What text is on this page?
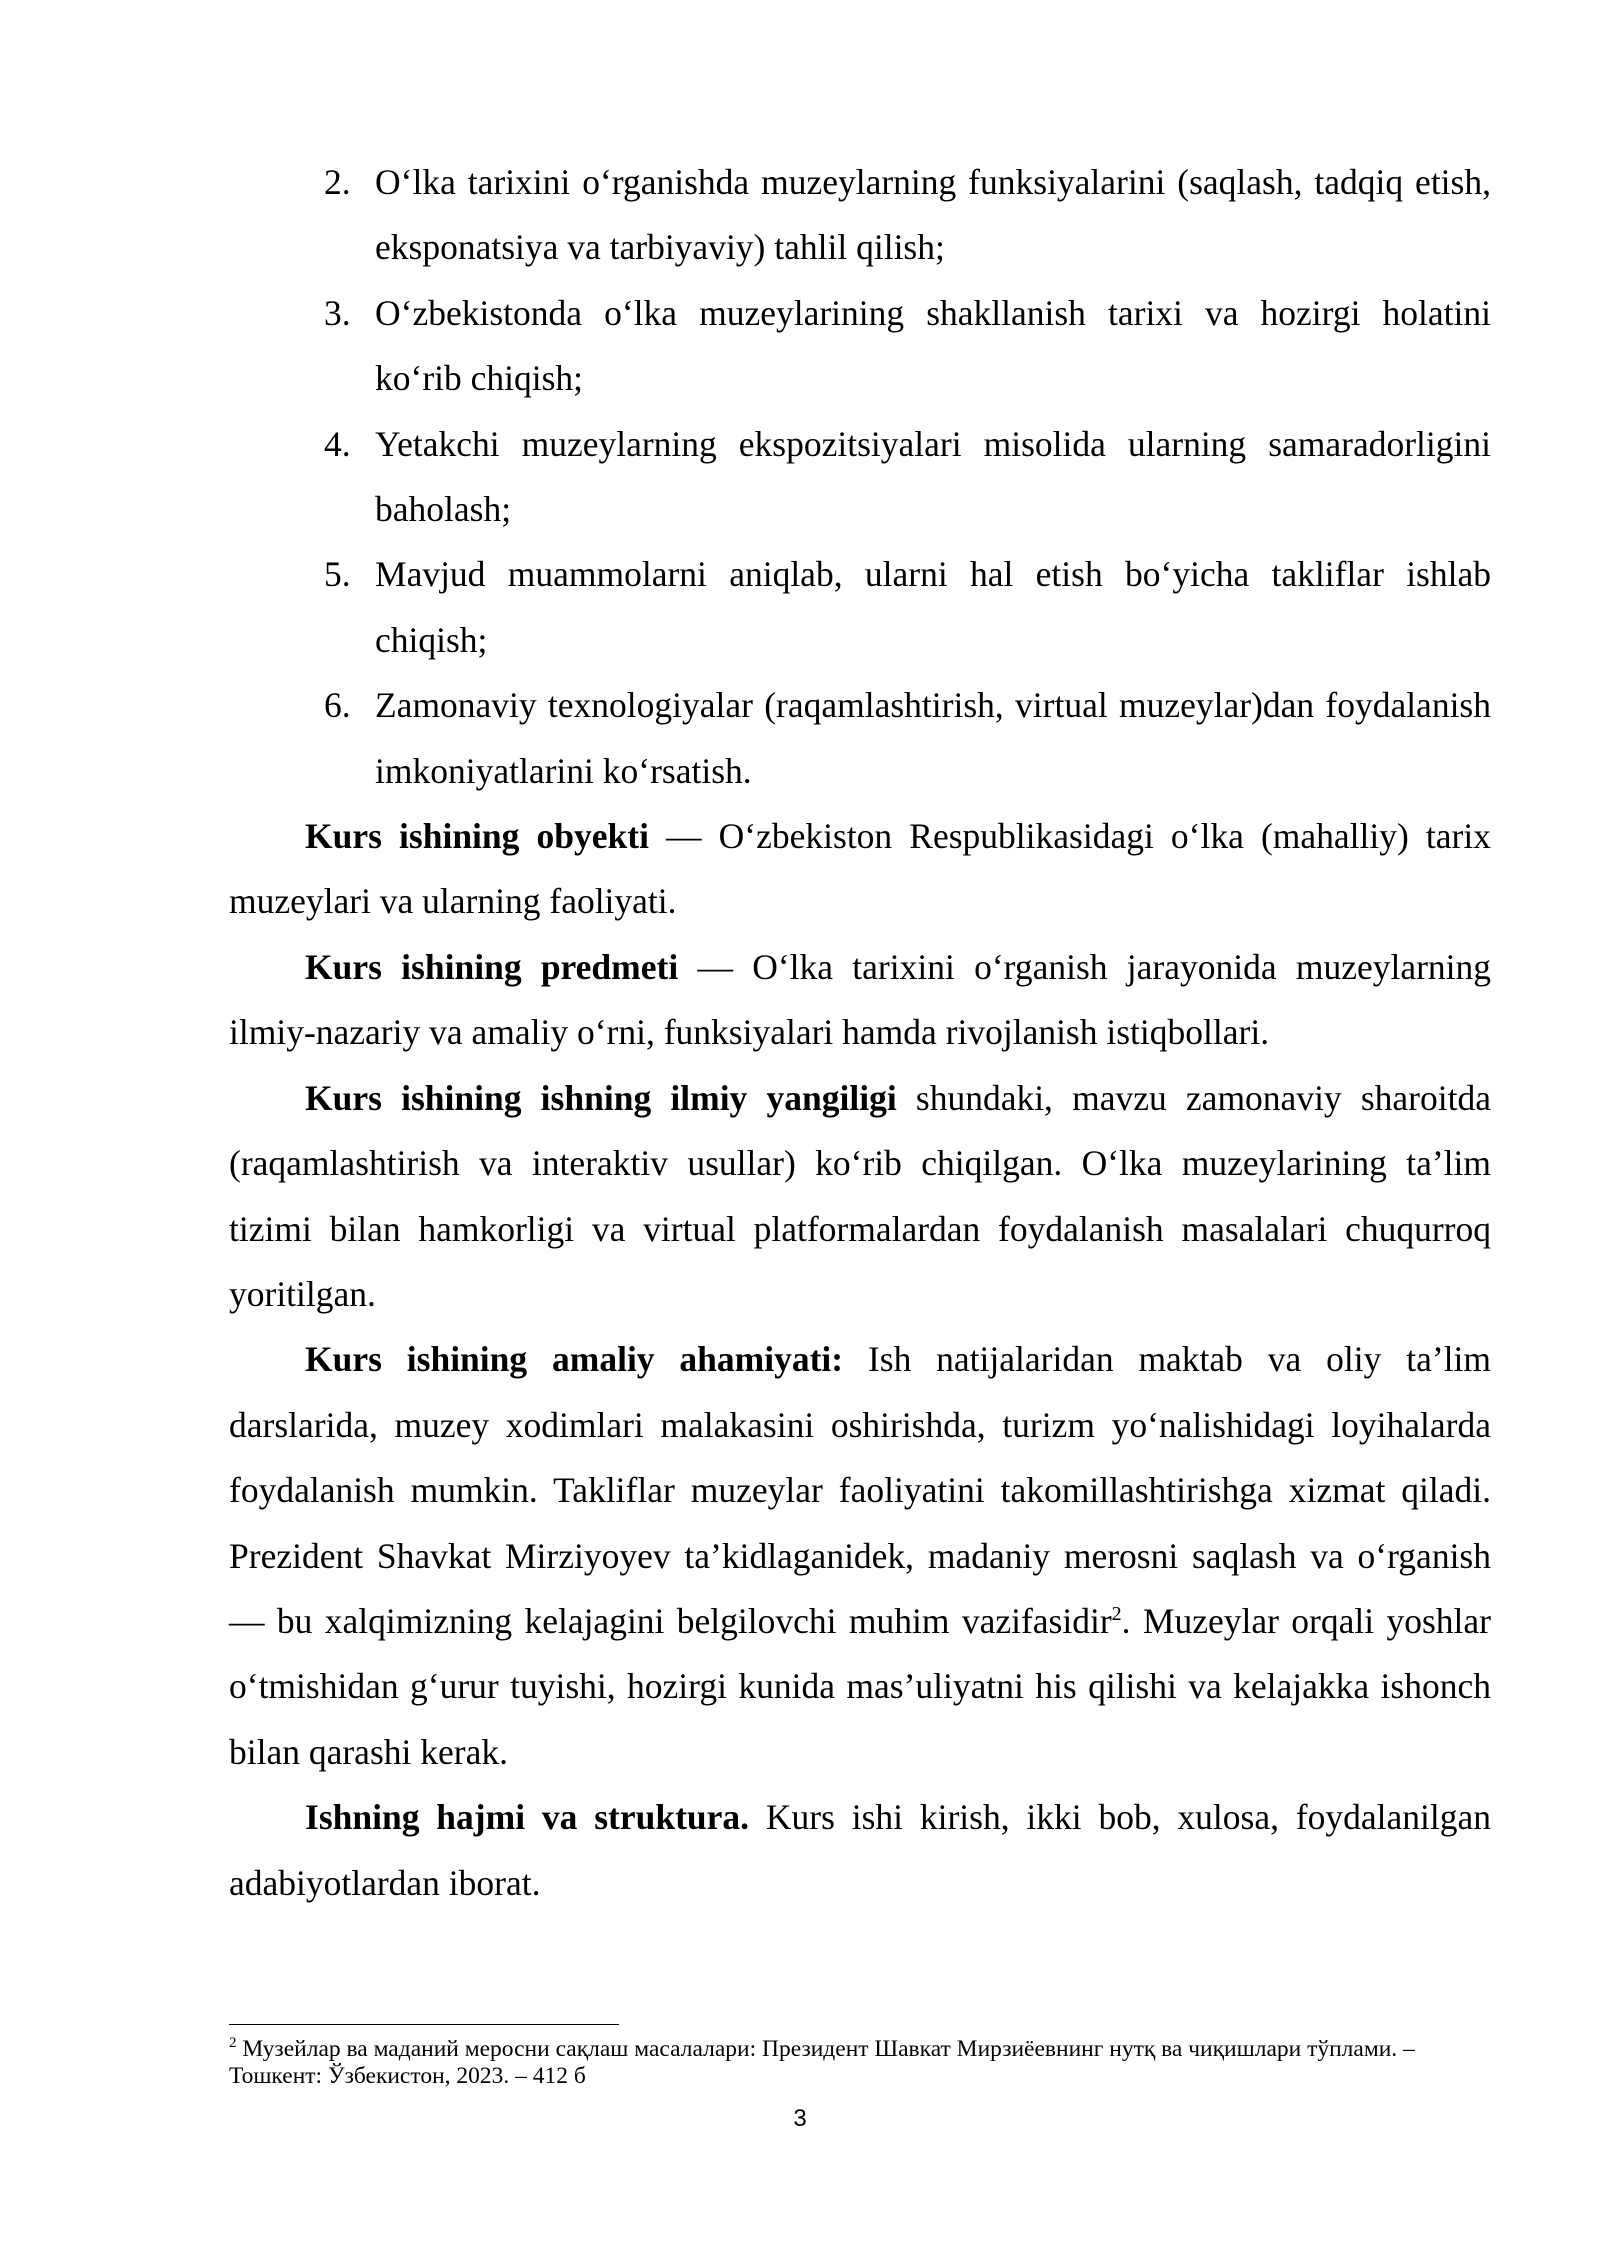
2. O‘lka tarixini o‘rganishda muzeylarning funksiyalarini (saqlash, tadqiq etish, eksponatsiya va tarbiyaviy) tahlil qilish;
3. O‘zbekistonda o‘lka muzeylarining shakllanish tarixi va hozirgi holatini ko‘rib chiqish;
4. Yetakchi muzeylarning ekspozitsiyalari misolida ularning samaradorligini baholash;
5. Mavjud muammolarni aniqlab, ularni hal etish bo‘yicha takliflar ishlab chiqish;
6. Zamonaviy texnologiyalar (raqamlashtirish, virtual muzeylar)dan foydalanish imkoniyatlarini ko‘rsatish.

Kurs ishining obyekti — O‘zbekiston Respublikasidagi o‘lka (mahalliy) tarix muzeylari va ularning faoliyati.

Kurs ishining predmeti — O‘lka tarixini o‘rganish jarayonida muzeylarning ilmiy-nazariy va amaliy o‘rni, funksiyalari hamda rivojlanish istiqbollari.

Kurs ishining ishning ilmiy yangiligi shundaki, mavzu zamonaviy sharoitda (raqamlashtirish va interaktiv usullar) ko‘rib chiqilgan. O‘lka muzeylarining ta’lim tizimi bilan hamkorligi va virtual platformalardan foydalanish masalalari chuqurroq yoritilgan.

Kurs ishining amaliy ahamiyati: Ish natijalaridan maktab va oliy ta’lim darslarida, muzey xodimlari malakasini oshirishda, turizm yo‘nalishidagi loyihalarda foydalanish mumkin. Takliflar muzeylar faoliyatini takomillashtirishga xizmat qiladi. Prezident Shavkat Mirziyoyev ta’kidlaganidek, madaniy merosni saqlash va o‘rganish — bu xalqimizning kelajagini belgilovchi muhim vazifasidir$^2$. Muzeylar orqali yoshlar o‘tmishidan g‘urur tuyishi, hozirgi kunida mas’uliyatni his qilishi va kelajakka ishonch bilan qarashi kerak.

Ishning hajmi va struktura. Kurs ishi kirish, ikki bob, xulosa, foydalanilgan adabiyotlardan iborat.

$^2$ Музейлар ва маданий меросни сақлаш масалалари: Президент Шавкат Мирзиёевнинг нутқ ва чиқишлари тўплами. – Тошкент: Ўзбекистон, 2023. – 412 б
3
